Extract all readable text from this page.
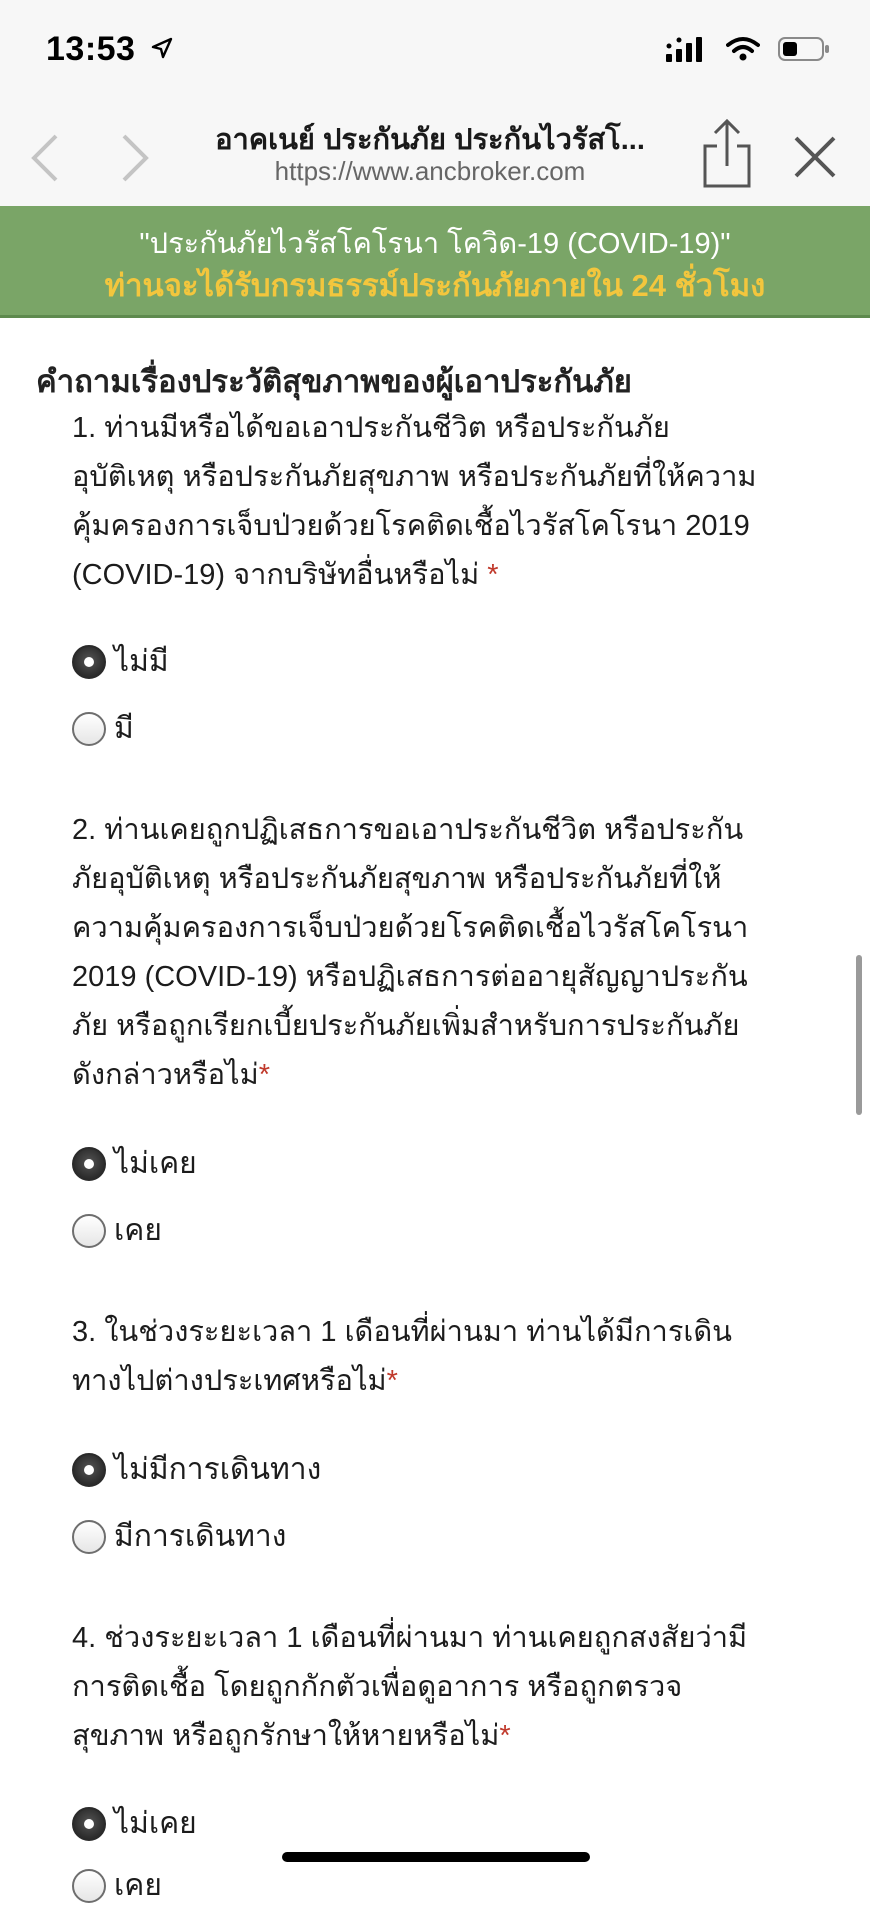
13:53
อาคเนย์ ประกันภัย ประกันไวรัสโ...
https://www.ancbroker.com
"ประกันภัยไวรัสโคโรนา โควิด-19 (COVID-19)"
ท่านจะได้รับกรมธรรม์ประกันภัยภายใน 24 ชั่วโมง
คำถามเรื่องประวัติสุขภาพของผู้เอาประกันภัย
1. ท่านมีหรือได้ขอเอาประกันชีวิต หรือประกันภัย
อุบัติเหตุ หรือประกันภัยสุขภาพ หรือประกันภัยที่ให้ความ
คุ้มครองการเจ็บป่วยด้วยโรคติดเชื้อไวรัสโคโรนา 2019
(COVID-19) จากบริษัทอื่นหรือไม่ *
ไม่มี
มี
2. ท่านเคยถูกปฏิเสธการขอเอาประกันชีวิต หรือประกัน
ภัยอุบัติเหตุ หรือประกันภัยสุขภาพ หรือประกันภัยที่ให้
ความคุ้มครองการเจ็บป่วยด้วยโรคติดเชื้อไวรัสโคโรนา
2019 (COVID-19) หรือปฏิเสธการต่ออายุสัญญาประกัน
ภัย หรือถูกเรียกเบี้ยประกันภัยเพิ่มสำหรับการประกันภัย
ดังกล่าวหรือไม่*
ไม่เคย
เคย
3. ในช่วงระยะเวลา 1 เดือนที่ผ่านมา ท่านได้มีการเดิน
ทางไปต่างประเทศหรือไม่*
ไม่มีการเดินทาง
มีการเดินทาง
4. ช่วงระยะเวลา 1 เดือนที่ผ่านมา ท่านเคยถูกสงสัยว่ามี
การติดเชื้อ โดยถูกกักตัวเพื่อดูอาการ หรือถูกตรวจ
สุขภาพ หรือถูกรักษาให้หายหรือไม่*
ไม่เคย
เคย
